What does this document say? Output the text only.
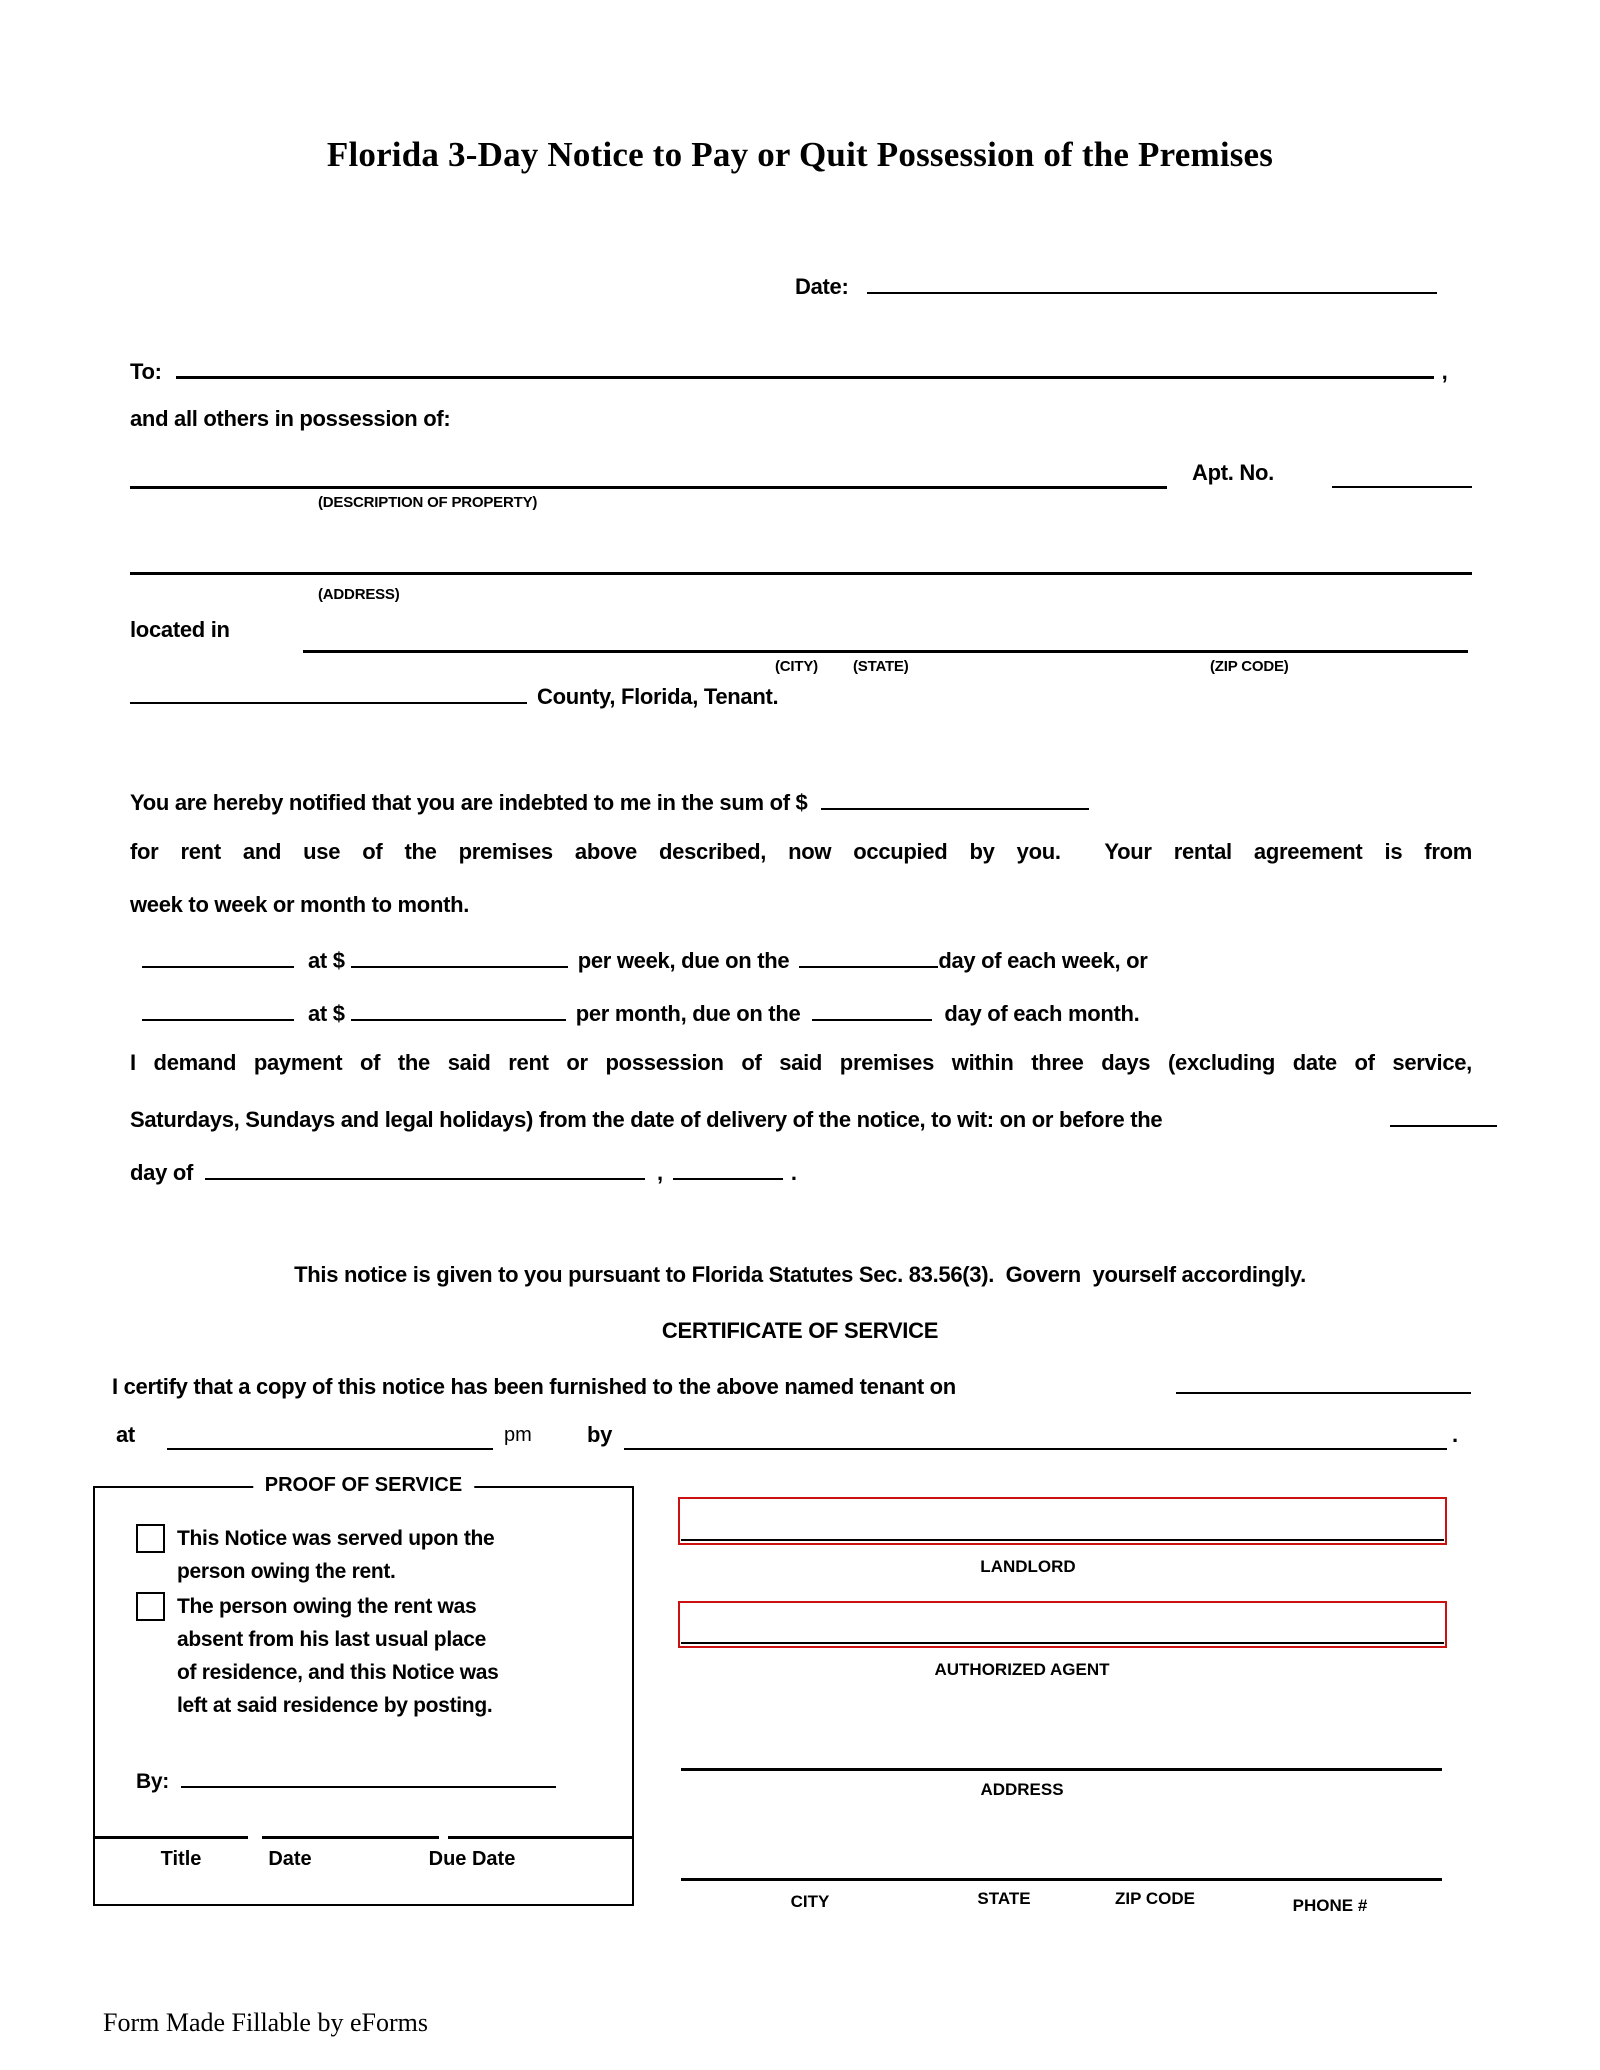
Florida 3-Day Notice to Pay or Quit Possession of the Premises
Date:
To:	,
and all others in possession of:
Apt. No.
(DESCRIPTION OF PROPERTY)
(ADDRESS)
located in
(CITY) (STATE)	(ZIP CODE)
County, Florida, Tenant.
You are hereby notified that you are indebted to me in the sum of $
for rent and use of the premises above described, now occupied by you.  Your rental agreement is from
week to week or month to month.
at $	per week, due on the	day of each week, or
at $	per month, due on the	day of each month.
I demand payment of the said rent or possession of said premises within three days (excluding date of service,
Saturdays, Sundays and legal holidays) from the date of delivery of the notice, to wit: on or before the
day of	,	.
This notice is given to you pursuant to Florida Statutes Sec. 83.56(3).  Govern  yourself accordingly.
CERTIFICATE OF SERVICE
I certify that a copy of this notice has been furnished to the above named tenant on
at	pm	by	.
PROOF OF SERVICE
This Notice was served upon the
person owing the rent.
The person owing the rent was
absent from his last usual place
of residence, and this Notice was
left at said residence by posting.
By:
Title	Date	Due Date
LANDLORD
AUTHORIZED AGENT
ADDRESS
CITY	STATE	ZIP CODE	PHONE #
Form Made Fillable by eForms
